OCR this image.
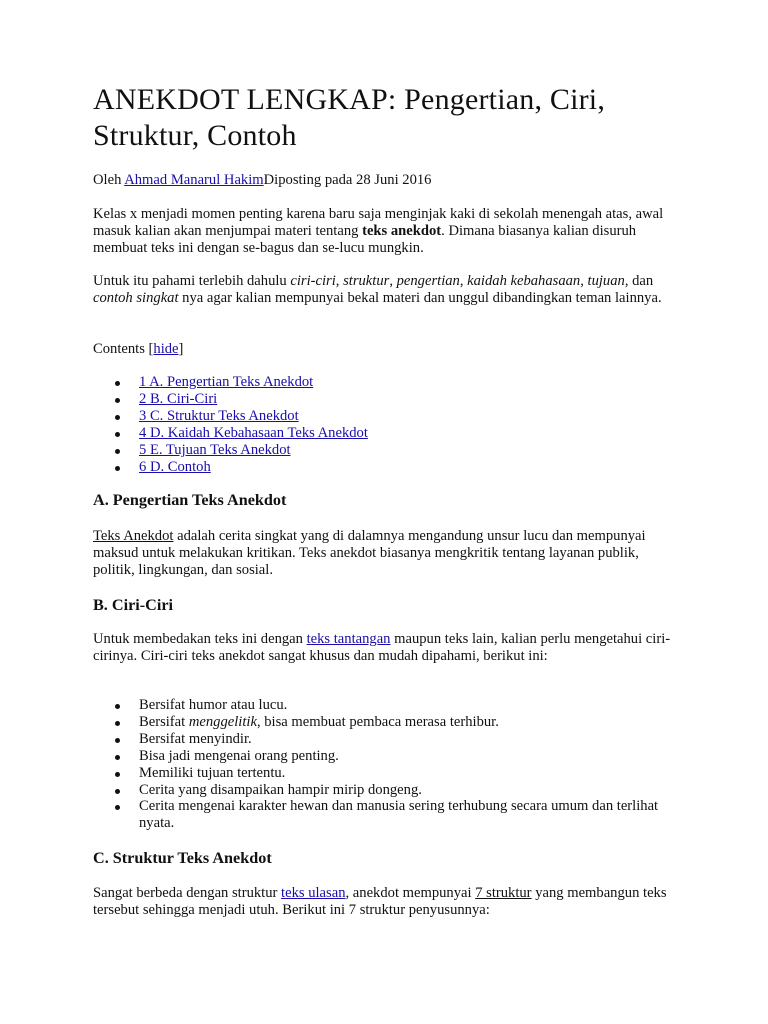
ANEKDOT LENGKAP: Pengertian, Ciri, Struktur, Contoh

Oleh Ahmad Manarul HakimDiposting pada 28 Juni 2016

Kelas x menjadi momen penting karena baru saja menginjak kaki di sekolah menengah atas, awal masuk kalian akan menjumpai materi tentang teks anekdot. Dimana biasanya kalian disuruh membuat teks ini dengan se-bagus dan se-lucu mungkin.

Untuk itu pahami terlebih dahulu ciri-ciri, struktur, pengertian, kaidah kebahasaan, tujuan, dan contoh singkat nya agar kalian mempunyai bekal materi dan unggul dibandingkan teman lainnya.

Contents [hide]

1 A. Pengertian Teks Anekdot
2 B. Ciri-Ciri
3 C. Struktur Teks Anekdot
4 D. Kaidah Kebahasaan Teks Anekdot
5 E. Tujuan Teks Anekdot
6 D. Contoh
A. Pengertian Teks Anekdot

Teks Anekdot adalah cerita singkat yang di dalamnya mengandung unsur lucu dan mempunyai maksud untuk melakukan kritikan. Teks anekdot biasanya mengkritik tentang layanan publik, politik, lingkungan, dan sosial.

B. Ciri-Ciri

Untuk membedakan teks ini dengan teks tantangan maupun teks lain, kalian perlu mengetahui ciri-cirinya. Ciri-ciri teks anekdot sangat khusus dan mudah dipahami, berikut ini:

Bersifat humor atau lucu.
Bersifat menggelitik, bisa membuat pembaca merasa terhibur.
Bersifat menyindir.
Bisa jadi mengenai orang penting.
Memiliki tujuan tertentu.
Cerita yang disampaikan hampir mirip dongeng.
Cerita mengenai karakter hewan dan manusia sering terhubung secara umum dan terlihat nyata.
C. Struktur Teks Anekdot

Sangat berbeda dengan struktur teks ulasan, anekdot mempunyai 7 struktur yang membangun teks tersebut sehingga menjadi utuh. Berikut ini 7 struktur penyusunnya:
